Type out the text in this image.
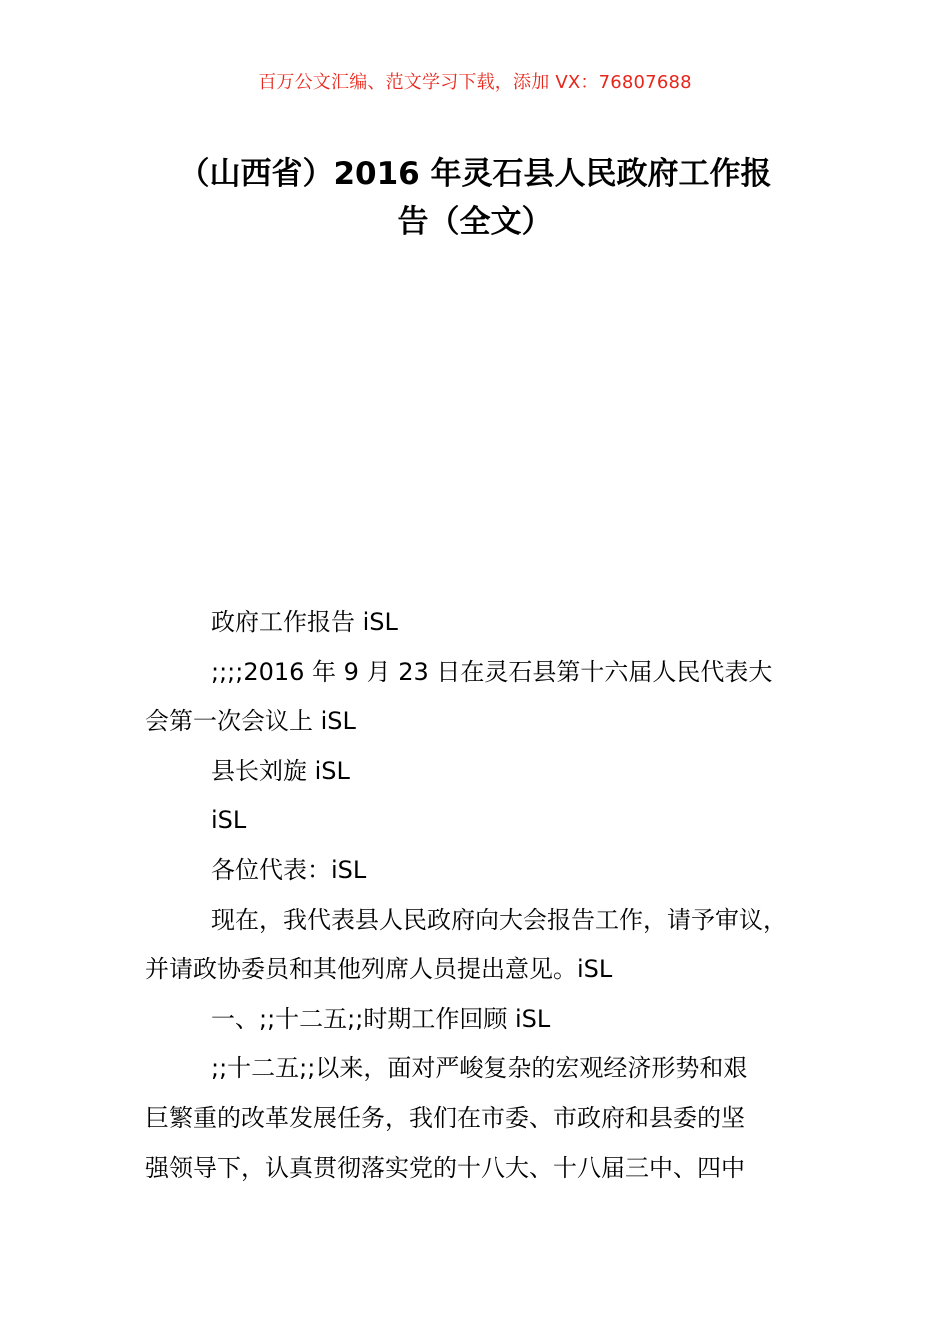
百万公文汇编、范文学习下载，添加 VX：76807688
（山西省）2016 年灵石县人民政府工作报
告（全文）

政府工作报告 iSL

;;;;2016 年 9 月 23 日在灵石县第十六届人民代表大

会第一次会议上 iSL

县长刘旋 iSL

iSL

各位代表：iSL

现在，我代表县人民政府向大会报告工作，请予审议，

并请政协委员和其他列席人员提出意见。iSL

一、;;十二五;;时期工作回顾 iSL

;;十二五;;以来，面对严峻复杂的宏观经济形势和艰

巨繁重的改革发展任务，我们在市委、市政府和县委的坚

强领导下，认真贯彻落实党的十八大、十八届三中、四中
